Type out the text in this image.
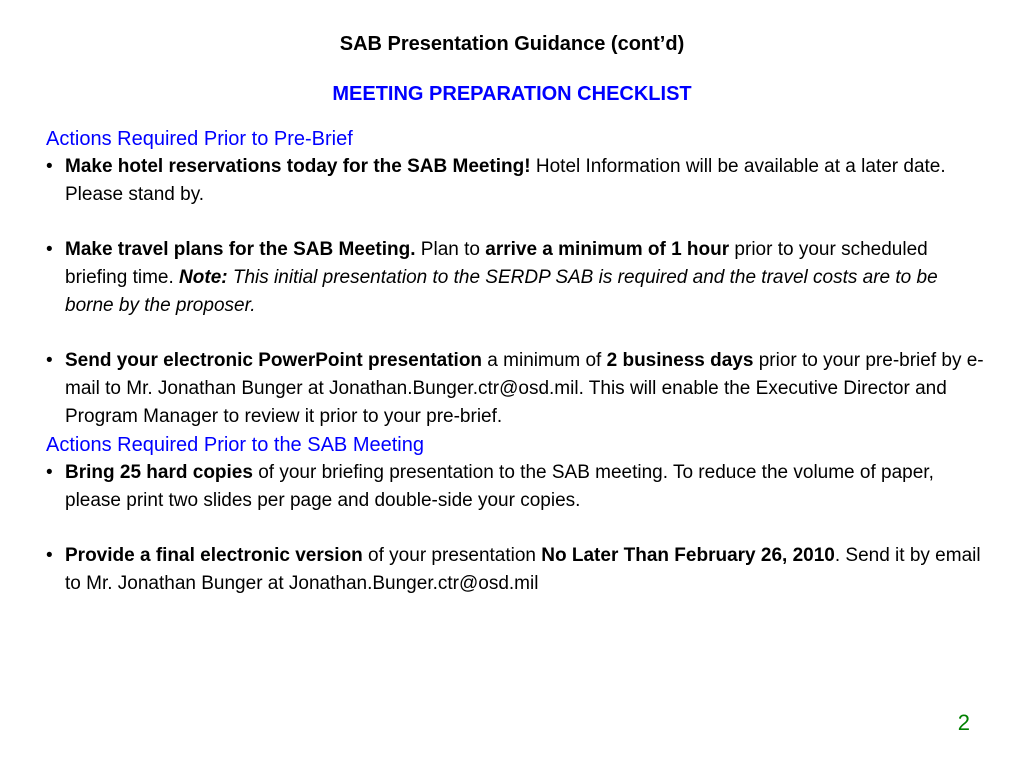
SAB Presentation Guidance (cont’d)
MEETING PREPARATION CHECKLIST

Actions Required Prior to Pre-Brief

• Make hotel reservations today for the SAB Meeting! Hotel Information will be available at a later date. Please stand by.

• Make travel plans for the SAB Meeting. Plan to arrive a minimum of 1 hour prior to your scheduled briefing time. Note: This initial presentation to the SERDP SAB is required and the travel costs are to be borne by the proposer.

• Send your electronic PowerPoint presentation a minimum of 2 business days prior to your pre-brief by e-mail to Mr. Jonathan Bunger at Jonathan.Bunger.ctr@osd.mil. This will enable the Executive Director and Program Manager to review it prior to your pre-brief.

Actions Required Prior to the SAB Meeting

• Bring 25 hard copies of your briefing presentation to the SAB meeting. To reduce the volume of paper, please print two slides per page and double-side your copies.

• Provide a final electronic version of your presentation No Later Than February 26, 2010. Send it by email to Mr. Jonathan Bunger at Jonathan.Bunger.ctr@osd.mil

2
